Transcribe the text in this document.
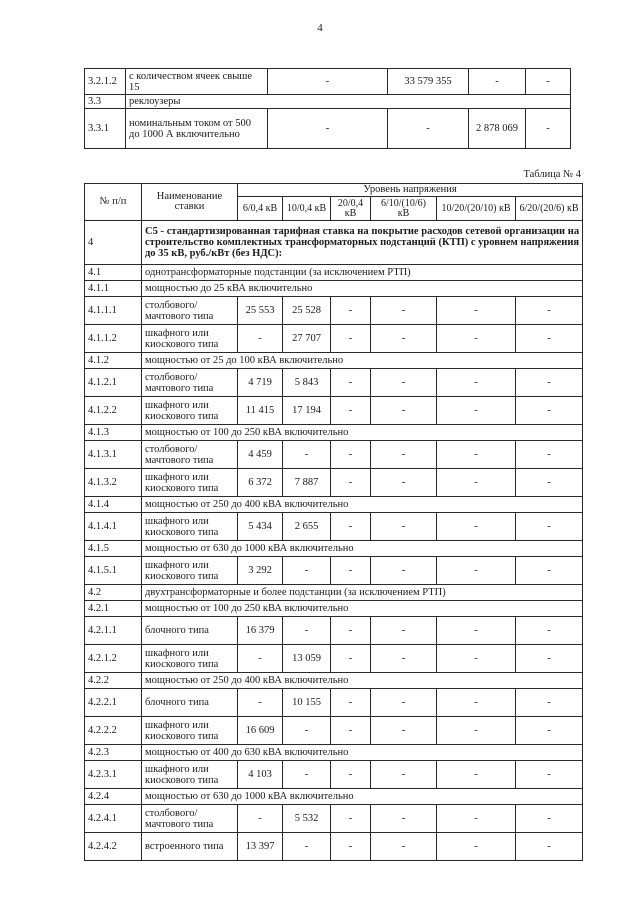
4
3.2.1.2	с количеством ячеек свыше 15	-	33 579 355	-	-
3.3	реклоузеры				
3.3.1	номинальным током от 500 до 1000 А включительно	-	-	2 878 069	-
Таблица № 4
№ п/п	Наименование ставки	Уровень напряжения					
		6/0,4 кВ	10/0,4 кВ	20/0,4 кВ	6/10/(10/6) кВ	10/20/(20/10) кВ	6/20/(20/6) кВ
4	С5 - стандартизированная тарифная ставка на покрытие расходов сетевой организации на строительство комплектных трансформаторных подстанций (КТП) с уровнем напряжения до 35 кВ, руб./кВт (без НДС):						
4.1	однотрансформаторные подстанции (за исключением РТП)						
4.1.1	мощностью до 25 кВА включительно						
4.1.1.1	столбового/ мачтового типа	25 553	25 528	-	-	-	-
4.1.1.2	шкафного или киоскового типа	-	27 707	-	-	-	-
4.1.2	мощностью от 25 до 100 кВА включительно						
4.1.2.1	столбового/ мачтового типа	4 719	5 843	-	-	-	-
4.1.2.2	шкафного или киоскового типа	11 415	17 194	-	-	-	-
4.1.3	мощностью от 100 до 250 кВА включительно						
4.1.3.1	столбового/ мачтового типа	4 459	-	-	-	-	-
4.1.3.2	шкафного или киоскового типа	6 372	7 887	-	-	-	-
4.1.4	мощностью от 250 до 400 кВА включительно						
4.1.4.1	шкафного или киоскового типа	5 434	2 655	-	-	-	-
4.1.5	мощностью от 630 до 1000 кВА включительно						
4.1.5.1	шкафного или киоскового типа	3 292	-	-	-	-	-
4.2	двухтрансформаторные и более подстанции (за исключением РТП)						
4.2.1	мощностью от 100 до 250 кВА включительно						
4.2.1.1	блочного типа	16 379	-	-	-	-	-
4.2.1.2	шкафного или киоскового типа	-	13 059	-	-	-	-
4.2.2	мощностью от 250 до 400 кВА включительно						
4.2.2.1	блочного типа	-	10 155	-	-	-	-
4.2.2.2	шкафного или киоскового типа	16 609	-	-	-	-	-
4.2.3	мощностью от 400 до 630 кВА включительно						
4.2.3.1	шкафного или киоскового типа	4 103	-	-	-	-	-
4.2.4	мощностью от 630 до 1000 кВА включительно						
4.2.4.1	столбового/ мачтового типа	-	5 532	-	-	-	-
4.2.4.2	встроенного типа	13 397	-	-	-	-	-
